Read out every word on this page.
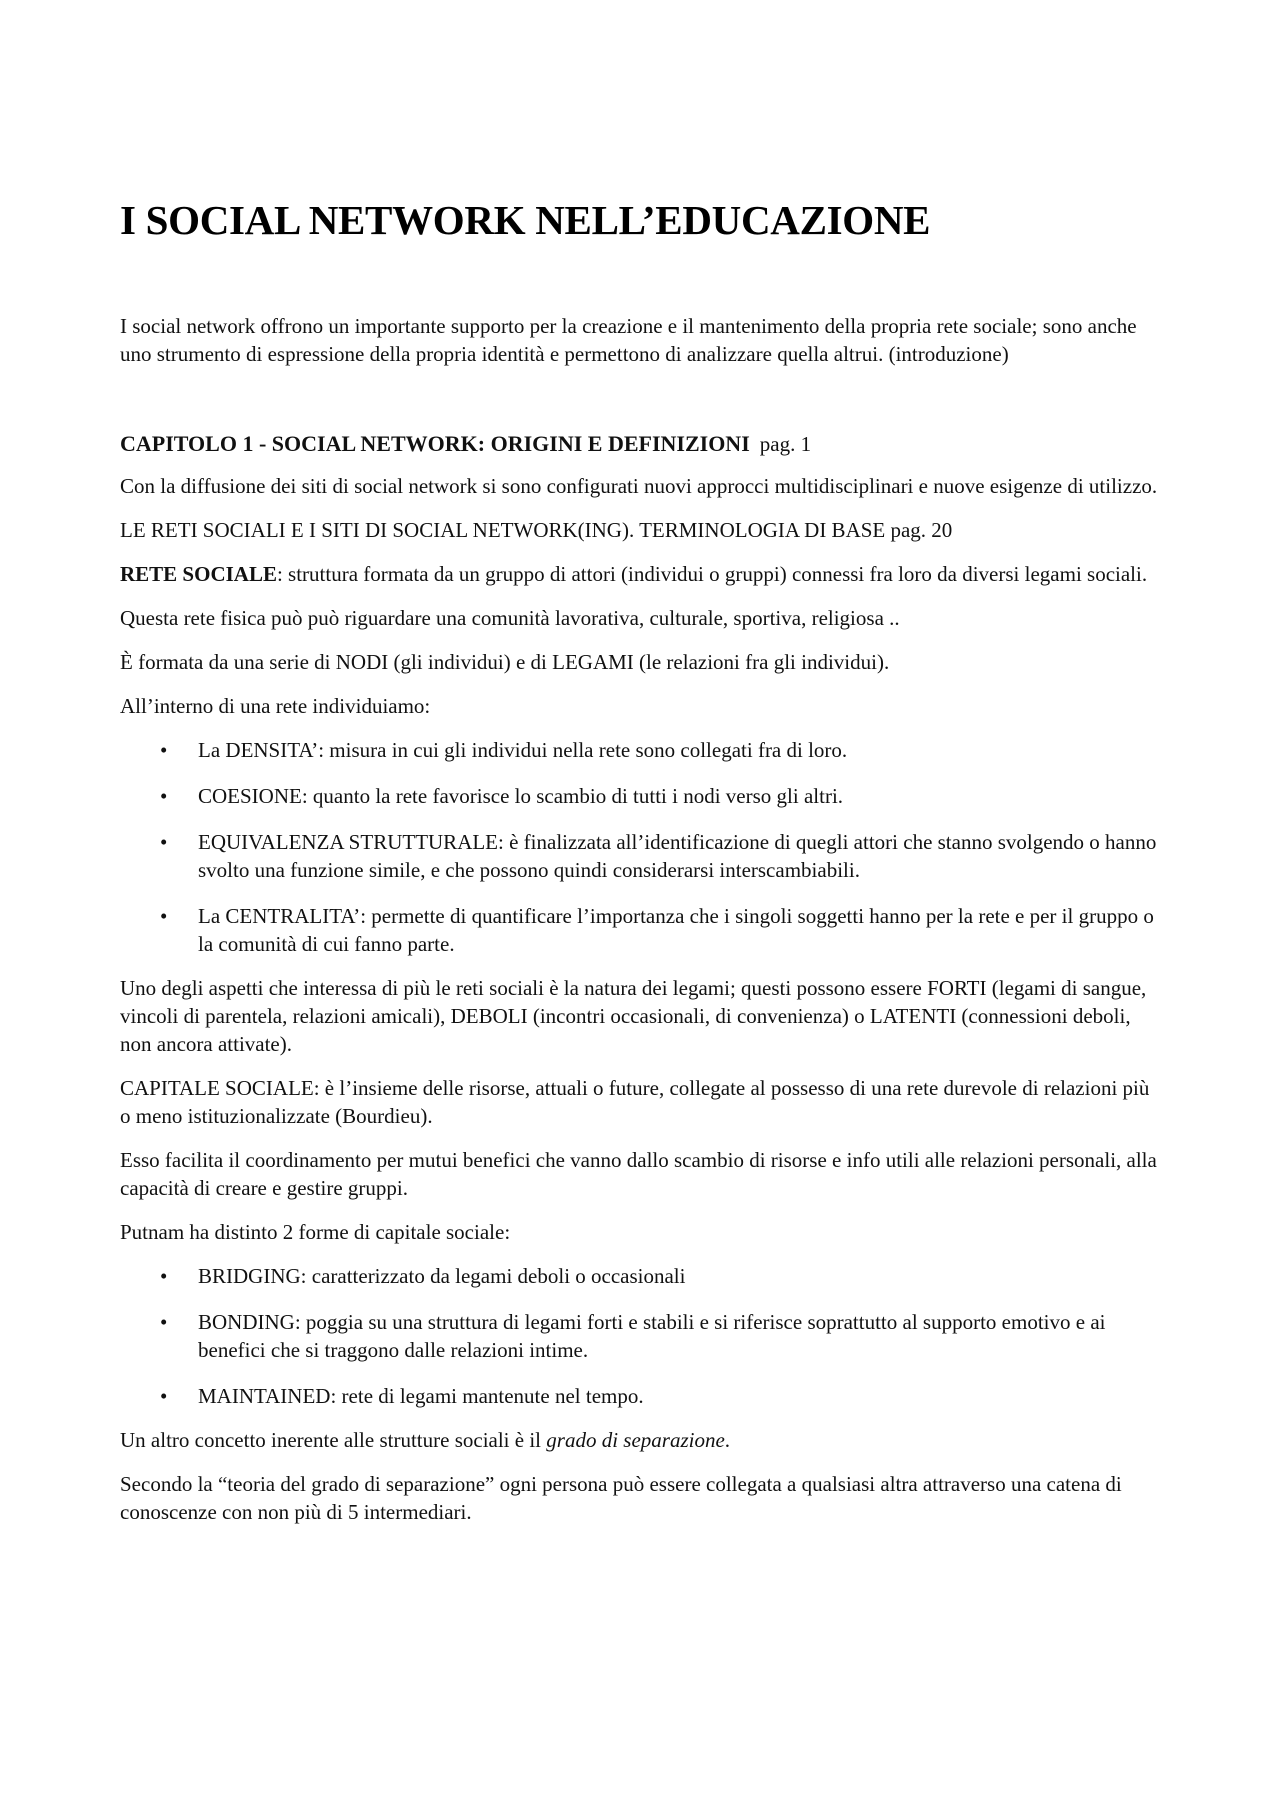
I SOCIAL NETWORK NELL’EDUCAZIONE

I social network offrono un importante supporto per la creazione e il mantenimento della propria rete sociale; sono anche uno strumento di espressione della propria identità e permettono di analizzare quella altrui. (introduzione)

CAPITOLO 1 - SOCIAL NETWORK: ORIGINI E DEFINIZIONI pag. 1

Con la diffusione dei siti di social network si sono configurati nuovi approcci multidisciplinari e nuove esigenze di utilizzo.

LE RETI SOCIALI E I SITI DI SOCIAL NETWORK(ING). TERMINOLOGIA DI BASE pag. 20

RETE SOCIALE: struttura formata da un gruppo di attori (individui o gruppi) connessi fra loro da diversi legami sociali.

Questa rete fisica può può riguardare una comunità lavorativa, culturale, sportiva, religiosa ..

È formata da una serie di NODI (gli individui) e di LEGAMI (le relazioni fra gli individui).

All’interno di una rete individuiamo:

• La DENSITA’: misura in cui gli individui nella rete sono collegati fra di loro.
• COESIONE: quanto la rete favorisce lo scambio di tutti i nodi verso gli altri.
• EQUIVALENZA STRUTTURALE: è finalizzata all’identificazione di quegli attori che stanno svolgendo o hanno svolto una funzione simile, e che possono quindi considerarsi interscambiabili.
• La CENTRALITA’: permette di quantificare l’importanza che i singoli soggetti hanno per la rete e per il gruppo o la comunità di cui fanno parte.

Uno degli aspetti che interessa di più le reti sociali è la natura dei legami; questi possono essere FORTI (legami di sangue, vincoli di parentela, relazioni amicali), DEBOLI (incontri occasionali, di convenienza) o LATENTI (connessioni deboli, non ancora attivate).

CAPITALE SOCIALE: è l’insieme delle risorse, attuali o future, collegate al possesso di una rete durevole di relazioni più o meno istituzionalizzate (Bourdieu).

Esso facilita il coordinamento per mutui benefici che vanno dallo scambio di risorse e info utili alle relazioni personali, alla capacità di creare e gestire gruppi.

Putnam ha distinto 2 forme di capitale sociale:

• BRIDGING: caratterizzato da legami deboli o occasionali
• BONDING: poggia su una struttura di legami forti e stabili e si riferisce soprattutto al supporto emotivo e ai benefici che si traggono dalle relazioni intime.
• MAINTAINED: rete di legami mantenute nel tempo.

Un altro concetto inerente alle strutture sociali è il grado di separazione.

Secondo la “teoria del grado di separazione” ogni persona può essere collegata a qualsiasi altra attraverso una catena di conoscenze con non più di 5 intermediari.
